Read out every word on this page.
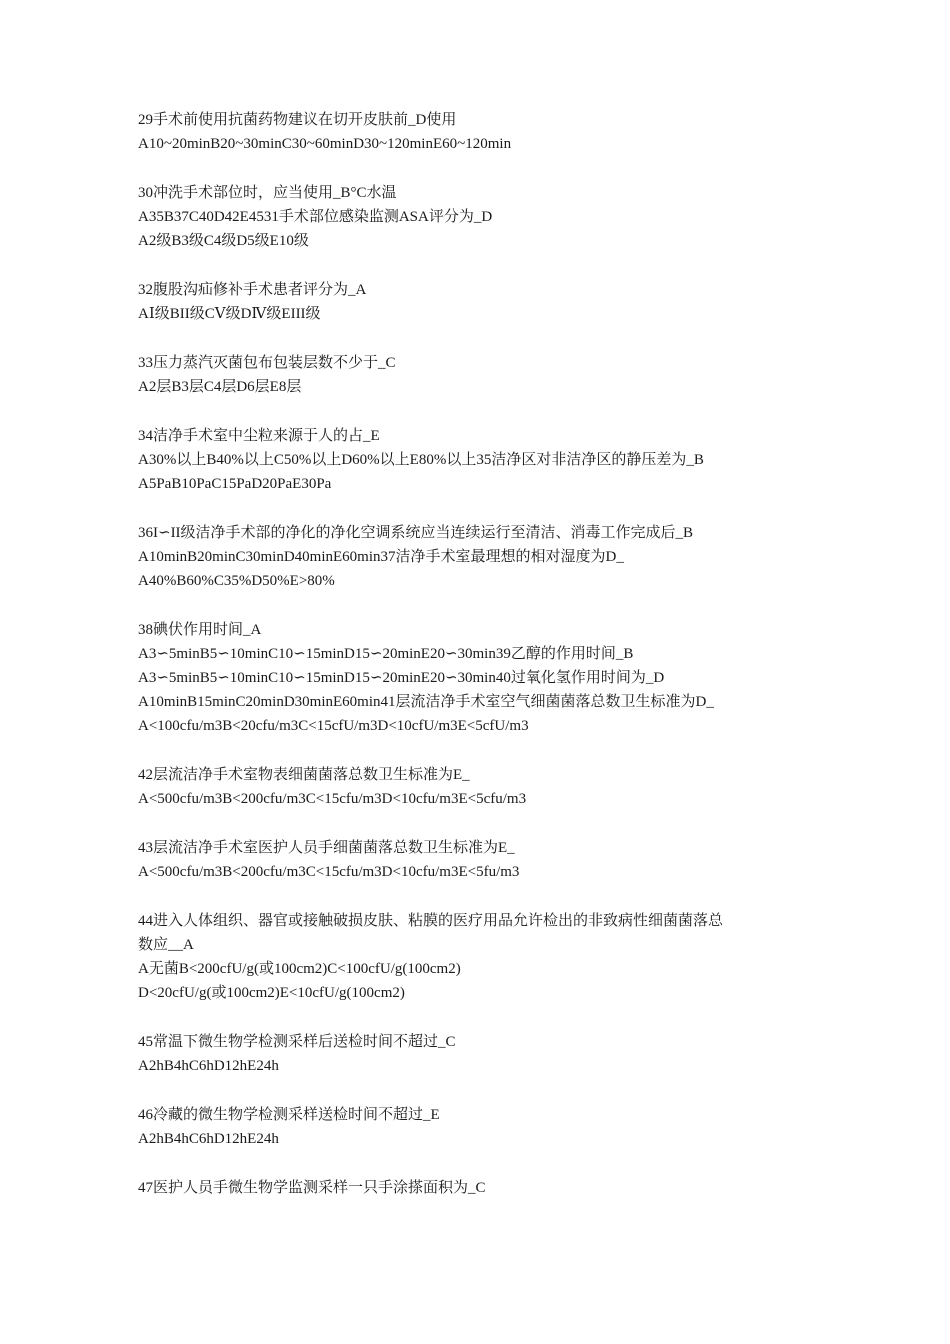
29手术前使用抗菌药物建议在切开皮肤前_D使用
A10~20minB20~30minC30~60minD30~120minE60~120min
30冲洗手术部位时，应当使用_B°C水温
A35B37C40D42E4531手术部位感染监测ASA评分为_D
A2级B3级C4级D5级E10级
32腹股沟疝修补手术患者评分为_A
AⅠ级BII级CⅤ级DⅣ级EIII级
33压力蒸汽灭菌包布包装层数不少于_C
A2层B3层C4层D6层E8层
34洁净手术室中尘粒来源于人的占_E
A30%以上B40%以上C50%以上D60%以上E80%以上35洁净区对非洁净区的静压差为_B
A5PaB10PaC15PaD20PaE30Pa
36I∽II级洁净手术部的净化的净化空调系统应当连续运行至清洁、消毒工作完成后_B
A10minB20minC30minD40minE60min37洁净手术室最理想的相对湿度为D_
A40%B60%C35%D50%E>80%
38碘伏作用时间_A
A3∽5minB5∽10minC10∽15minD15∽20minE20∽30min39乙醇的作用时间_B
A3∽5minB5∽10minC10∽15minD15∽20minE20∽30min40过氧化氢作用时间为_D
A10minB15minC20minD30minE60min41层流洁净手术室空气细菌菌落总数卫生标准为D_
A<100cfu/m3B<20cfu/m3C<15cfU/m3D<10cfU/m3E<5cfU/m3
42层流洁净手术室物表细菌菌落总数卫生标准为E_
A<500cfu/m3B<200cfu/m3C<15cfu/m3D<10cfu/m3E<5cfu/m3
43层流洁净手术室医护人员手细菌菌落总数卫生标准为E_
A<500cfu/m3B<200cfu/m3C<15cfu/m3D<10cfu/m3E<5fu/m3
44进入人体组织、器官或接触破损皮肤、粘膜的医疗用品允许检出的非致病性细菌菌落总
数应__A
A无菌B<200cfU/g(或100cm2)C<100cfU/g(100cm2)
D<20cfU/g(或100cm2)E<10cfU/g(100cm2)
45常温下微生物学检测采样后送检时间不超过_C
A2hB4hC6hD12hE24h
46冷藏的微生物学检测采样送检时间不超过_E
A2hB4hC6hD12hE24h
47医护人员手微生物学监测采样一只手涂搽面积为_C
